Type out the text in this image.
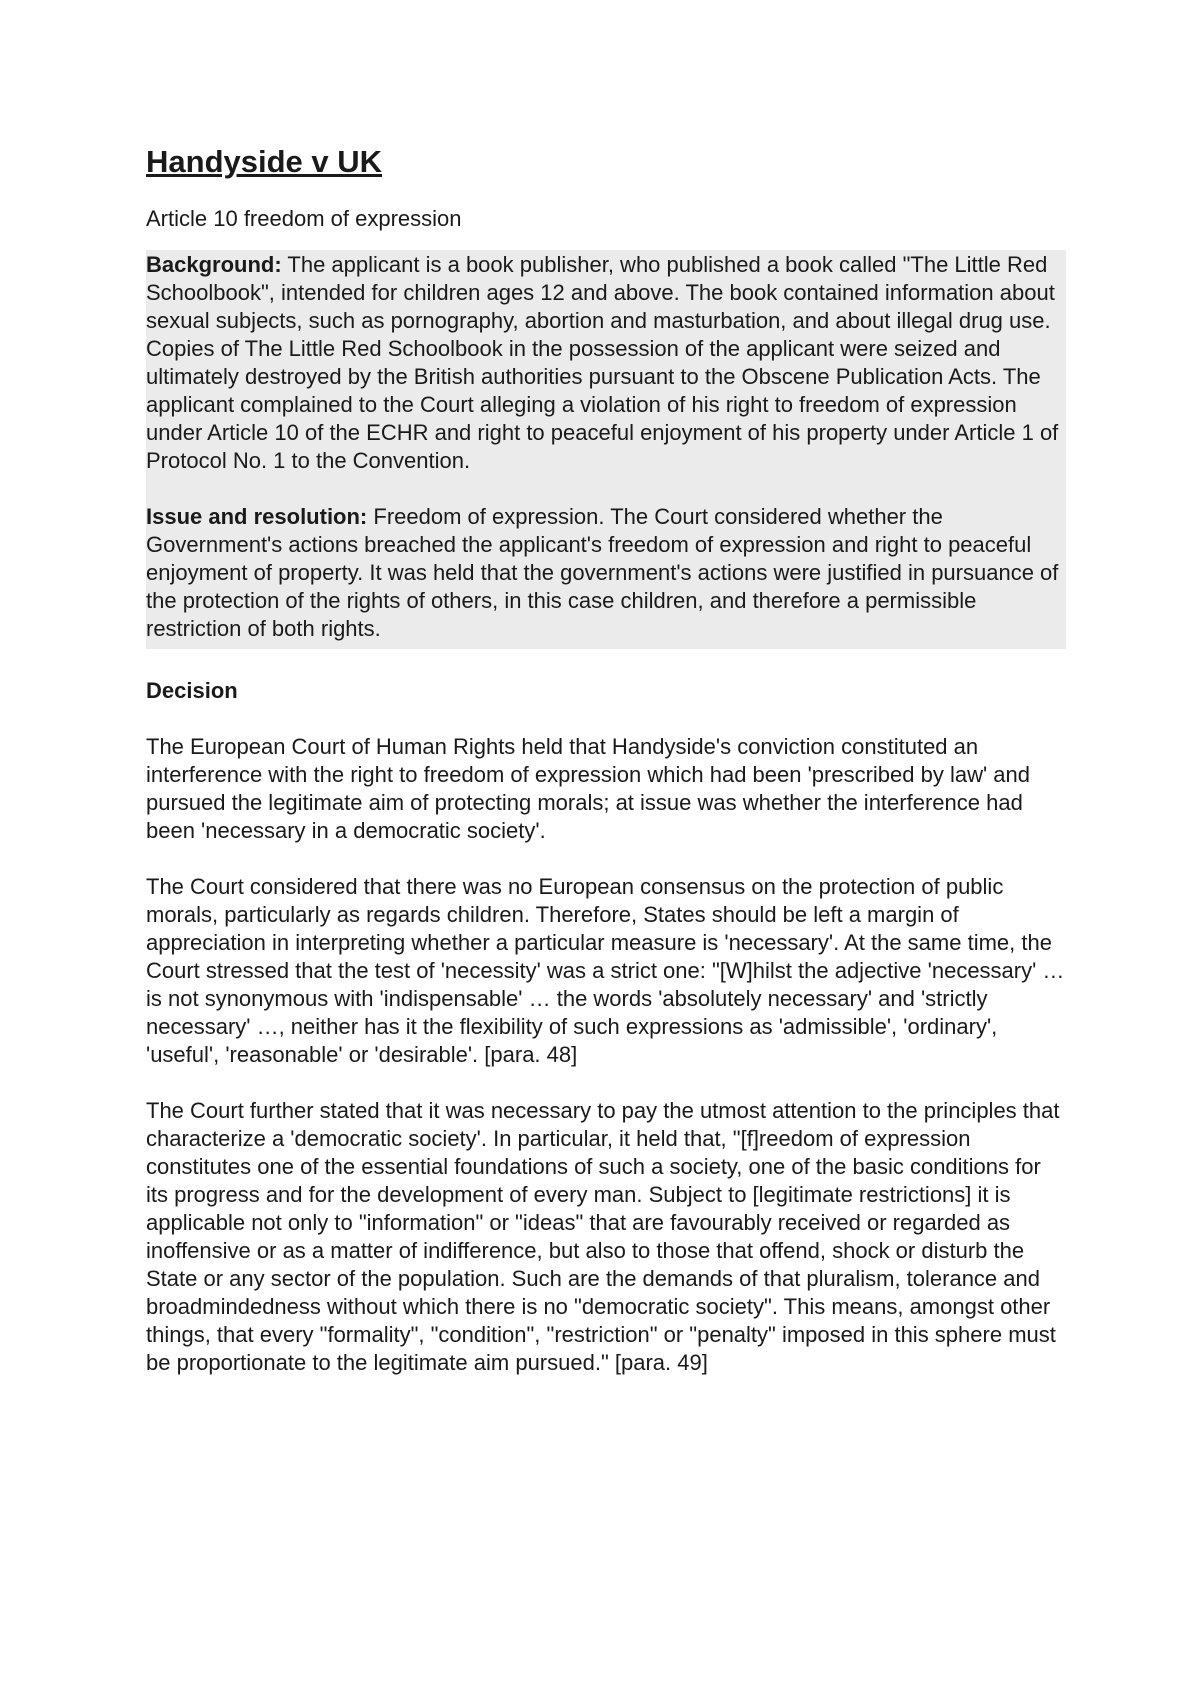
Handyside v UK

Article 10 freedom of expression

Background: The applicant is a book publisher, who published a book called "The Little Red Schoolbook", intended for children ages 12 and above. The book contained information about sexual subjects, such as pornography, abortion and masturbation, and about illegal drug use. Copies of The Little Red Schoolbook in the possession of the applicant were seized and ultimately destroyed by the British authorities pursuant to the Obscene Publication Acts. The applicant complained to the Court alleging a violation of his right to freedom of expression under Article 10 of the ECHR and right to peaceful enjoyment of his property under Article 1 of Protocol No. 1 to the Convention.

Issue and resolution: Freedom of expression. The Court considered whether the Government's actions breached the applicant's freedom of expression and right to peaceful enjoyment of property. It was held that the government's actions were justified in pursuance of the protection of the rights of others, in this case children, and therefore a permissible restriction of both rights.

Decision

The European Court of Human Rights held that Handyside's conviction constituted an interference with the right to freedom of expression which had been 'prescribed by law' and pursued the legitimate aim of protecting morals; at issue was whether the interference had been 'necessary in a democratic society'.

The Court considered that there was no European consensus on the protection of public morals, particularly as regards children. Therefore, States should be left a margin of appreciation in interpreting whether a particular measure is 'necessary'. At the same time, the Court stressed that the test of 'necessity' was a strict one: "[W]hilst the adjective 'necessary' … is not synonymous with 'indispensable' … the words 'absolutely necessary' and 'strictly necessary' …, neither has it the flexibility of such expressions as 'admissible', 'ordinary', 'useful', 'reasonable' or 'desirable'. [para. 48]

The Court further stated that it was necessary to pay the utmost attention to the principles that characterize a 'democratic society'. In particular, it held that, "[f]reedom of expression constitutes one of the essential foundations of such a society, one of the basic conditions for its progress and for the development of every man. Subject to [legitimate restrictions] it is applicable not only to "information" or "ideas" that are favourably received or regarded as inoffensive or as a matter of indifference, but also to those that offend, shock or disturb the State or any sector of the population. Such are the demands of that pluralism, tolerance and broadmindedness without which there is no "democratic society". This means, amongst other things, that every "formality", "condition", "restriction" or "penalty" imposed in this sphere must be proportionate to the legitimate aim pursued." [para. 49]
